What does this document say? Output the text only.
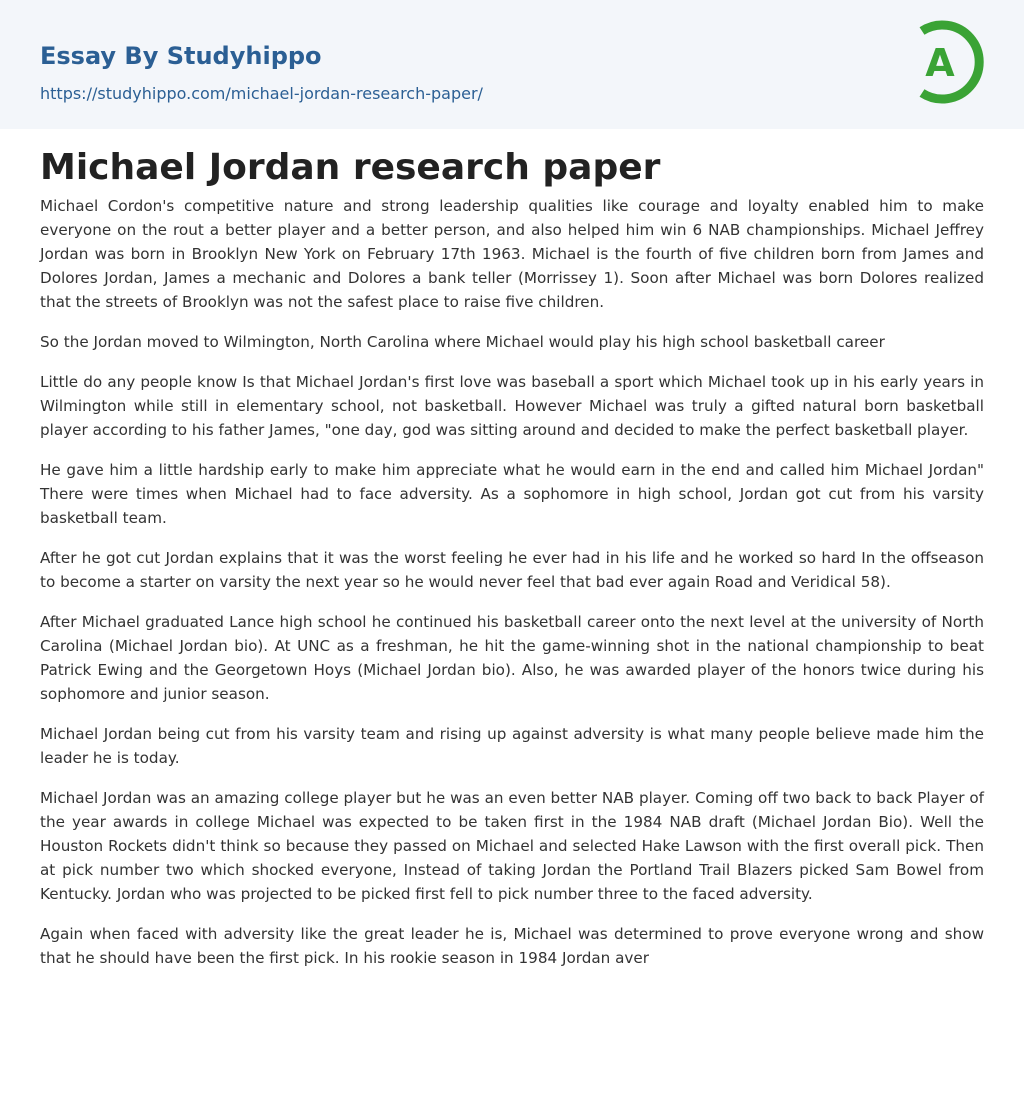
Essay By Studyhippo
https://studyhippo.com/michael-jordan-research-paper/
A
Michael Jordan research paper

Michael Cordon's competitive nature and strong leadership qualities like courage and loyalty enabled him to make everyone on the rout a better player and a better person, and also helped him win 6 NAB championships. Michael Jeffrey Jordan was born in Brooklyn New York on February 17th 1963. Michael is the fourth of five children born from James and Dolores Jordan, James a mechanic and Dolores a bank teller (Morrissey 1). Soon after Michael was born Dolores realized that the streets of Brooklyn was not the safest place to raise five children.

So the Jordan moved to Wilmington, North Carolina where Michael would play his high school basketball career

Little do any people know Is that Michael Jordan's first love was baseball a sport which Michael took up in his early years in Wilmington while still in elementary school, not basketball. However Michael was truly a gifted natural born basketball player according to his father James, "one day, god was sitting around and decided to make the perfect basketball player.

He gave him a little hardship early to make him appreciate what he would earn in the end and called him Michael Jordan" There were times when Michael had to face adversity. As a sophomore in high school, Jordan got cut from his varsity basketball team.

After he got cut Jordan explains that it was the worst feeling he ever had in his life and he worked so hard In the offseason to become a starter on varsity the next year so he would never feel that bad ever again Road and Veridical 58).

After Michael graduated Lance high school he continued his basketball career onto the next level at the university of North Carolina (Michael Jordan bio). At UNC as a freshman, he hit the game-winning shot in the national championship to beat Patrick Ewing and the Georgetown Hoys (Michael Jordan bio). Also, he was awarded player of the honors twice during his sophomore and junior season.

Michael Jordan being cut from his varsity team and rising up against adversity is what many people believe made him the leader he is today.

Michael Jordan was an amazing college player but he was an even better NAB player. Coming off two back to back Player of the year awards in college Michael was expected to be taken first in the 1984 NAB draft (Michael Jordan Bio). Well the Houston Rockets didn't think so because they passed on Michael and selected Hake Lawson with the first overall pick. Then at pick number two which shocked everyone, Instead of taking Jordan the Portland Trail Blazers picked Sam Bowel from Kentucky. Jordan who was projected to be picked first fell to pick number three to the faced adversity.

Again when faced with adversity like the great leader he is, Michael was determined to prove everyone wrong and show that he should have been the first pick. In his rookie season in 1984 Jordan aver
